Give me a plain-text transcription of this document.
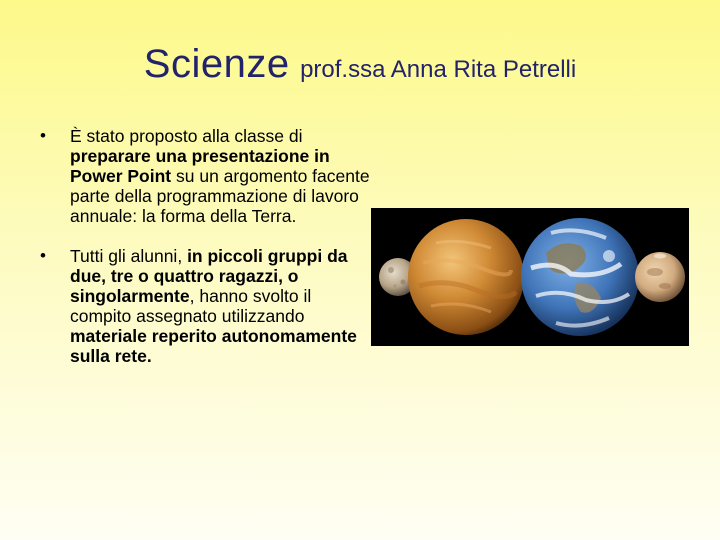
Scienze prof.ssa Anna Rita Petrelli
• È stato proposto alla classe di preparare una presentazione in Power Point su un argomento facente parte della programmazione di lavoro annuale: la forma della Terra.
• Tutti gli alunni, in piccoli gruppi da due, tre o quattro ragazzi, o singolarmente, hanno svolto il compito assegnato utilizzando materiale reperito autonomamente sulla rete.
